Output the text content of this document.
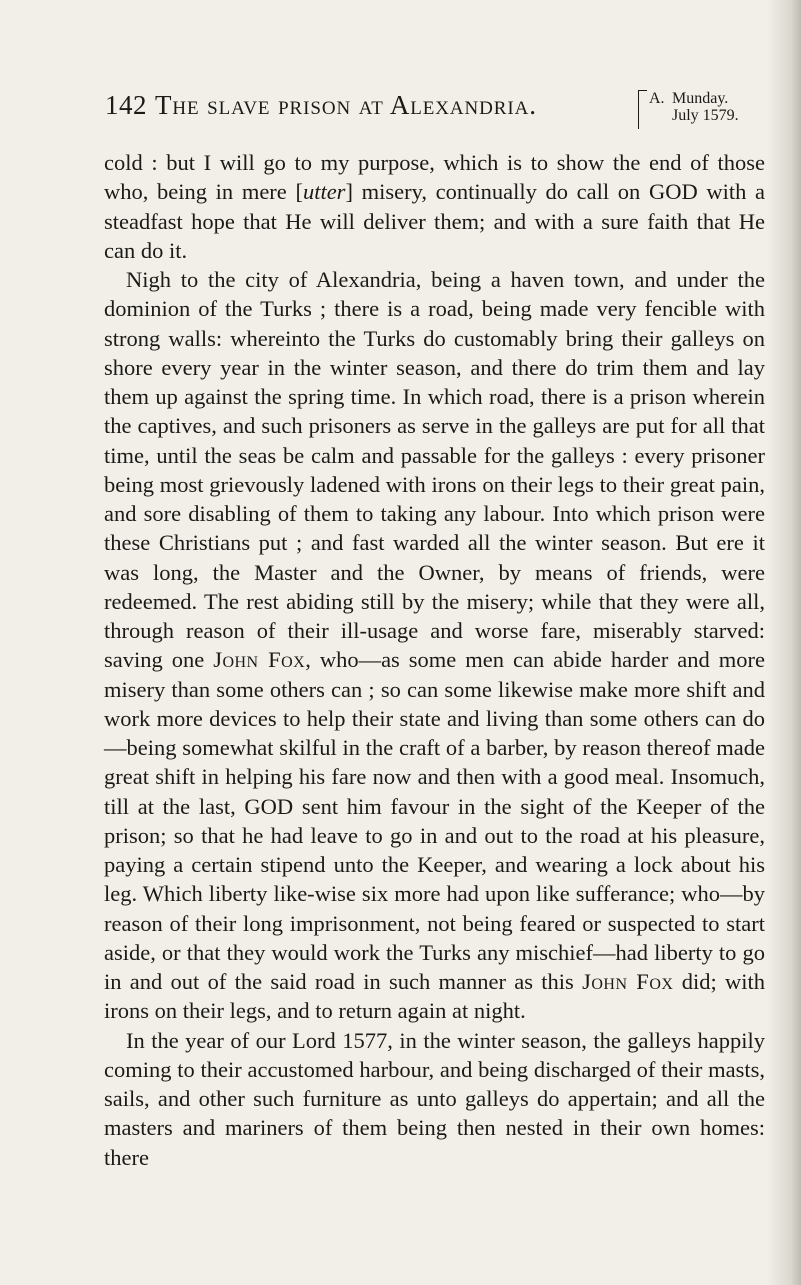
142 The slave prison at Alexandria.	A. Munday.
July 1579.

cold : but I will go to my purpose, which is to show the end of those who, being in mere [utter] misery, continually do call on GOD with a steadfast hope that He will deliver them; and with a sure faith that He can do it.

Nigh to the city of Alexandria, being a haven town, and under the dominion of the Turks ; there is a road, being made very fencible with strong walls: whereinto the Turks do customably bring their galleys on shore every year in the winter season, and there do trim them and lay them up against the spring time. In which road, there is a prison wherein the captives, and such prisoners as serve in the galleys are put for all that time, until the seas be calm and passable for the galleys : every prisoner being most grievously ladened with irons on their legs to their great pain, and sore disabling of them to taking any labour. Into which prison were these Christians put ; and fast warded all the winter season. But ere it was long, the Master and the Owner, by means of friends, were redeemed. The rest abiding still by the misery; while that they were all, through reason of their ill-usage and worse fare, miserably starved: saving one John Fox, who—as some men can abide harder and more misery than some others can ; so can some likewise make more shift and work more devices to help their state and living than some others can do—being somewhat skilful in the craft of a barber, by reason thereof made great shift in helping his fare now and then with a good meal. Insomuch, till at the last, GOD sent him favour in the sight of the Keeper of the prison; so that he had leave to go in and out to the road at his pleasure, paying a certain stipend unto the Keeper, and wearing a lock about his leg. Which liberty like-wise six more had upon like sufferance; who—by reason of their long imprisonment, not being feared or suspected to start aside, or that they would work the Turks any mischief—had liberty to go in and out of the said road in such manner as this John Fox did; with irons on their legs, and to return again at night.

In the year of our Lord 1577, in the winter season, the galleys happily coming to their accustomed harbour, and being discharged of their masts, sails, and other such furniture as unto galleys do appertain; and all the masters and mariners of them being then nested in their own homes: there
